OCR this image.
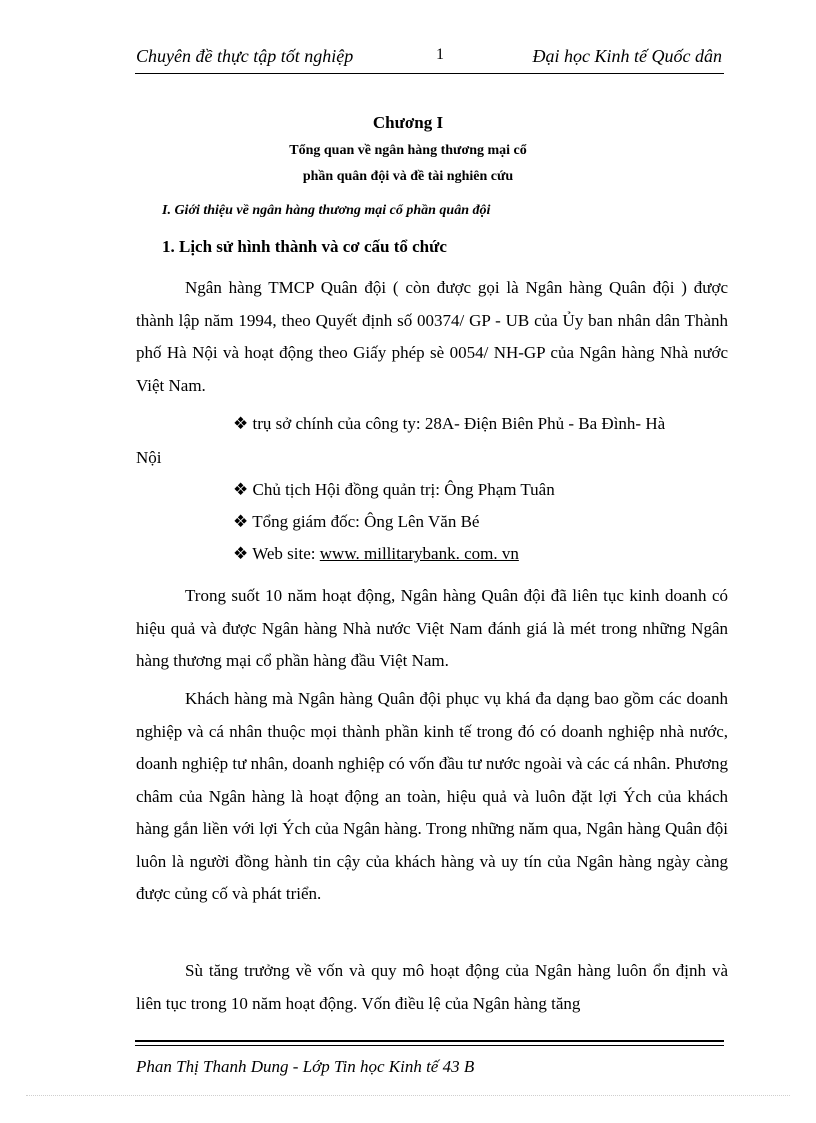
Chuyên đề thực tập tốt nghiệp	1	Đại học Kinh tế Quốc dân
Chương I
Tổng quan về ngân hàng thương mại cổ
phần quân đội và đề tài nghiên cứu
I. Giới thiệu về ngân hàng thương mại cổ phần quân đội
1. Lịch sử hình thành và cơ cấu tổ chức

Ngân hàng TMCP Quân đội ( còn được gọi là Ngân hàng Quân đội ) được thành lập năm 1994, theo Quyết định số 00374/ GP - UB của Ủy ban nhân dân Thành phố Hà Nội và hoạt động theo Giấy phép sè 0054/ NH-GP của Ngân hàng Nhà nước Việt Nam.

❖ trụ sở chính của công ty: 28A- Điện Biên Phủ - Ba Đình- Hà
Nội
❖ Chủ tịch Hội đồng quản trị: Ông Phạm Tuân
❖ Tổng giám đốc: Ông Lên Văn Bé
❖ Web site: www. millitarybank. com. vn

Trong suốt 10 năm hoạt động, Ngân hàng Quân đội đã liên tục kinh doanh có hiệu quả và được Ngân hàng Nhà nước Việt Nam đánh giá là mét trong những Ngân hàng thương mại cổ phần hàng đầu Việt Nam.

Khách hàng mà Ngân hàng Quân đội phục vụ khá đa dạng bao gồm các doanh nghiệp và cá nhân thuộc mọi thành phần kinh tế trong đó có doanh nghiệp nhà nước, doanh nghiệp tư nhân, doanh nghiệp có vốn đầu tư nước ngoài và các cá nhân. Phương châm của Ngân hàng là hoạt động an toàn, hiệu quả và luôn đặt lợi Ých của khách hàng gắn liền với lợi Ých của Ngân hàng. Trong những năm qua, Ngân hàng Quân đội luôn là người đồng hành tin cậy của khách hàng và uy tín của Ngân hàng ngày càng được củng cố và phát triển.

Sù tăng trưởng về vốn và quy mô hoạt động của Ngân hàng luôn ổn định và liên tục trong 10 năm hoạt động. Vốn điều lệ của Ngân hàng tăng

Phan Thị Thanh Dung - Lớp Tin học Kinh tế 43 B
